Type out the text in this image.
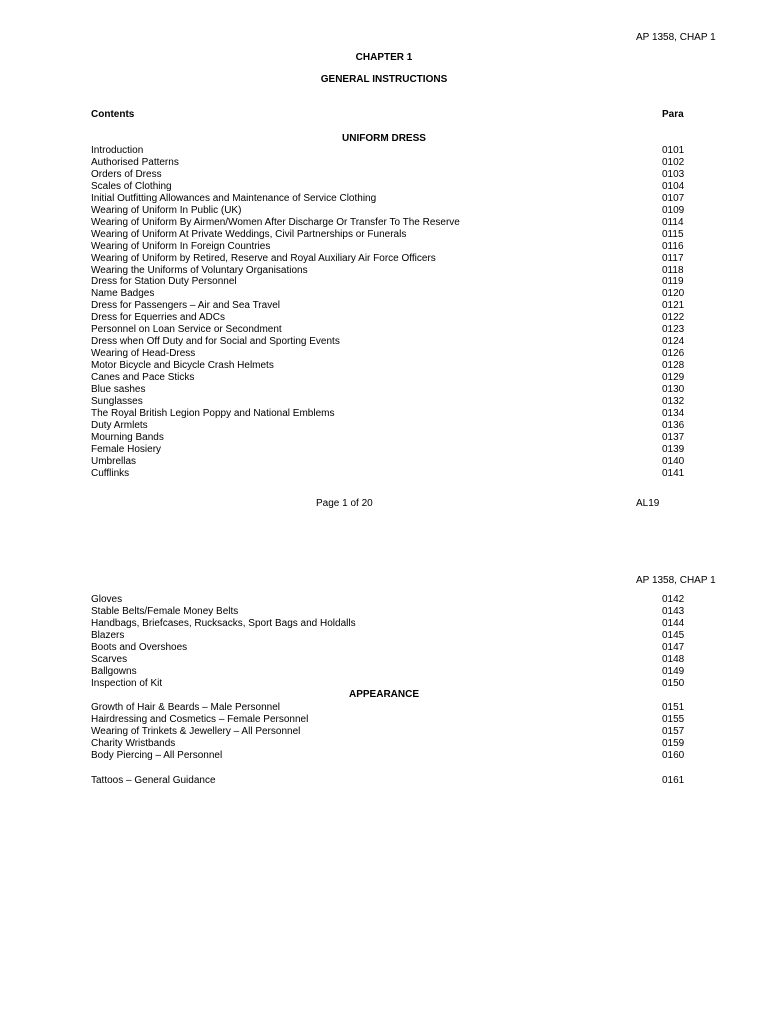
AP 1358, CHAP 1
CHAPTER 1
GENERAL INSTRUCTIONS
Contents	Para
UNIFORM DRESS
Introduction	0101
Authorised Patterns	0102
Orders of Dress	0103
Scales of Clothing	0104
Initial Outfitting Allowances and Maintenance of Service Clothing	0107
Wearing of Uniform In Public (UK)	0109
Wearing of Uniform By Airmen/Women After Discharge Or Transfer To The Reserve	0114
Wearing of Uniform At Private Weddings, Civil Partnerships or Funerals	0115
Wearing of Uniform In Foreign Countries	0116
Wearing of Uniform by Retired, Reserve and Royal Auxiliary Air Force Officers	0117
Wearing the Uniforms of Voluntary Organisations	0118
Dress for Station Duty Personnel	0119
Name Badges	0120
Dress for Passengers – Air and Sea Travel	0121
Dress for Equerries and ADCs	0122
Personnel on Loan Service or Secondment	0123
Dress when Off Duty and for Social and Sporting Events	0124
Wearing of Head-Dress	0126
Motor Bicycle and Bicycle Crash Helmets	0128
Canes and Pace Sticks	0129
Blue sashes	0130
Sunglasses	0132
The Royal British Legion Poppy and National Emblems	0134
Duty Armlets	0136
Mourning Bands	0137
Female Hosiery	0139
Umbrellas	0140
Cufflinks	0141
Page 1 of 20	AL19
AP 1358, CHAP 1
Gloves	0142
Stable Belts/Female Money Belts	0143
Handbags, Briefcases, Rucksacks, Sport Bags and Holdalls	0144
Blazers	0145
Boots and Overshoes	0147
Scarves	0148
Ballgowns	0149
Inspection of Kit	0150
APPEARANCE
Growth of Hair & Beards – Male Personnel	0151
Hairdressing and Cosmetics – Female Personnel	0155
Wearing of Trinkets & Jewellery – All Personnel	0157
Charity Wristbands	0159
Body Piercing – All Personnel	0160
Tattoos – General Guidance	0161
